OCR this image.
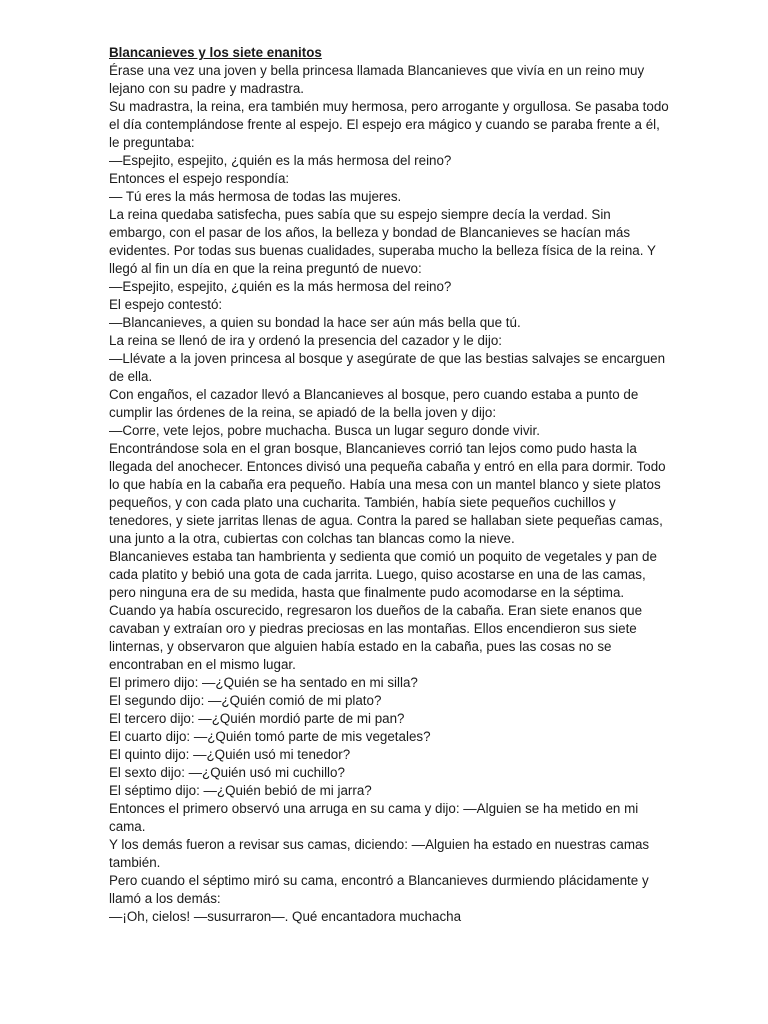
Blancanieves y los siete enanitos

Érase una vez una joven y bella princesa llamada Blancanieves que vivía en un reino muy lejano con su padre y madrastra.

Su madrastra, la reina, era también muy hermosa, pero arrogante y orgullosa. Se pasaba todo el día contemplándose frente al espejo. El espejo era mágico y cuando se paraba frente a él, le preguntaba:

—Espejito, espejito, ¿quién es la más hermosa del reino?

Entonces el espejo respondía:

— Tú eres la más hermosa de todas las mujeres.

La reina quedaba satisfecha, pues sabía que su espejo siempre decía la verdad. Sin embargo, con el pasar de los años, la belleza y bondad de Blancanieves se hacían más evidentes. Por todas sus buenas cualidades, superaba mucho la belleza física de la reina. Y llegó al fin un día en que la reina preguntó de nuevo:

—Espejito, espejito, ¿quién es la más hermosa del reino?

El espejo contestó:

—Blancanieves, a quien su bondad la hace ser aún más bella que tú.

La reina se llenó de ira y ordenó la presencia del cazador y le dijo:

—Llévate a la joven princesa al bosque y asegúrate de que las bestias salvajes se encarguen de ella.

Con engaños, el cazador llevó a Blancanieves al bosque, pero cuando estaba a punto de cumplir las órdenes de la reina, se apiadó de la bella joven y dijo:

—Corre, vete lejos, pobre muchacha. Busca un lugar seguro donde vivir.

Encontrándose sola en el gran bosque, Blancanieves corrió tan lejos como pudo hasta la llegada del anochecer. Entonces divisó una pequeña cabaña y entró en ella para dormir. Todo lo que había en la cabaña era pequeño. Había una mesa con un mantel blanco y siete platos pequeños, y con cada plato una cucharita. También, había siete pequeños cuchillos y tenedores, y siete jarritas llenas de agua. Contra la pared se hallaban siete pequeñas camas, una junto a la otra, cubiertas con colchas tan blancas como la nieve.

Blancanieves estaba tan hambrienta y sedienta que comió un poquito de vegetales y pan de cada platito y bebió una gota de cada jarrita. Luego, quiso acostarse en una de las camas, pero ninguna era de su medida, hasta que finalmente pudo acomodarse en la séptima.

Cuando ya había oscurecido, regresaron los dueños de la cabaña. Eran siete enanos que cavaban y extraían oro y piedras preciosas en las montañas. Ellos encendieron sus siete linternas, y observaron que alguien había estado en la cabaña, pues las cosas no se encontraban en el mismo lugar.

El primero dijo: —¿Quién se ha sentado en mi silla?

El segundo dijo: —¿Quién comió de mi plato?

El tercero dijo: —¿Quién mordió parte de mi pan?

El cuarto dijo: —¿Quién tomó parte de mis vegetales?

El quinto dijo: —¿Quién usó mi tenedor?

El sexto dijo: —¿Quién usó mi cuchillo?

El séptimo dijo: —¿Quién bebió de mi jarra?

Entonces el primero observó una arruga en su cama y dijo: —Alguien se ha metido en mi cama.

Y los demás fueron a revisar sus camas, diciendo: —Alguien ha estado en nuestras camas también.

Pero cuando el séptimo miró su cama, encontró a Blancanieves durmiendo plácidamente y llamó a los demás:

—¡Oh, cielos! —susurraron—. Qué encantadora muchacha
